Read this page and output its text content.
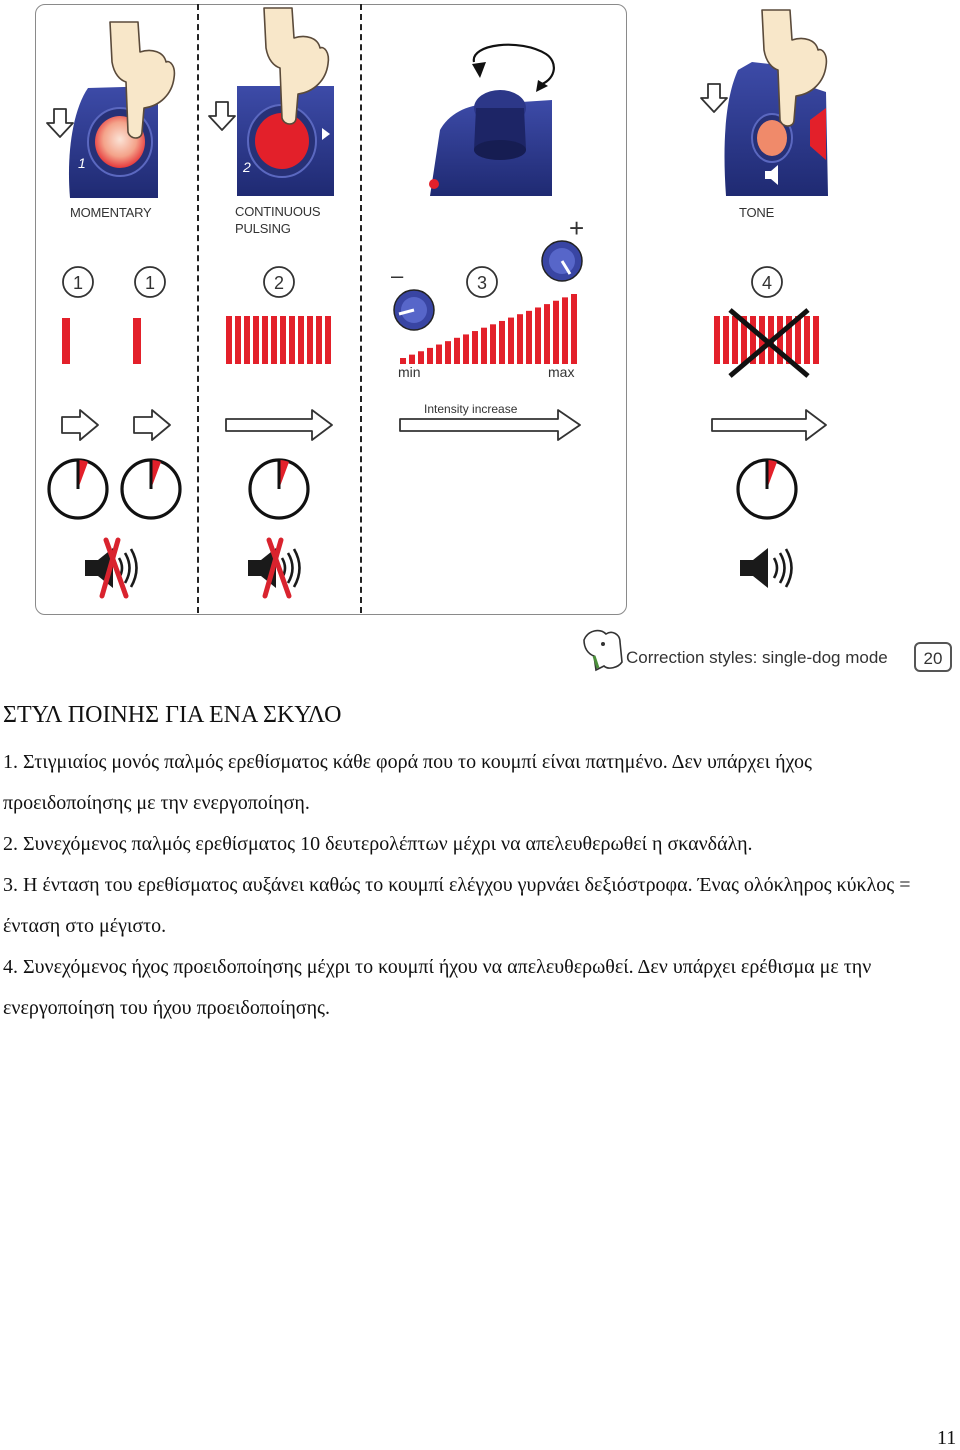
1	1	2	3	4
1	2
–
+
MOMENTARY	CONTINUOUS
PULSING
TONE
min	max
Intensity increase
Correction styles: single-dog mode	20
ΣΤΥΛ ΠΟΙΝΗΣ ΓΙΑ ΕΝΑ ΣΚΥΛΟ
1. Στιγμιαίος μονός παλμός ερεθίσματος κάθε φορά που το κουμπί είναι πατημένο. Δεν υπάρχει ήχος προειδοποίησης με την ενεργοποίηση.
2. Συνεχόμενος παλμός ερεθίσματος 10 δευτερολέπτων μέχρι να απελευθερωθεί η σκανδάλη.
3. Η ένταση του ερεθίσματος αυξάνει καθώς το κουμπί ελέγχου γυρνάει δεξιόστροφα. Ένας ολόκληρος κύκλος = ένταση στο μέγιστο.
4. Συνεχόμενος ήχος προειδοποίησης μέχρι το κουμπί ήχου να απελευθερωθεί. Δεν υπάρχει ερέθισμα με την ενεργοποίηση του ήχου προειδοποίησης.
11
